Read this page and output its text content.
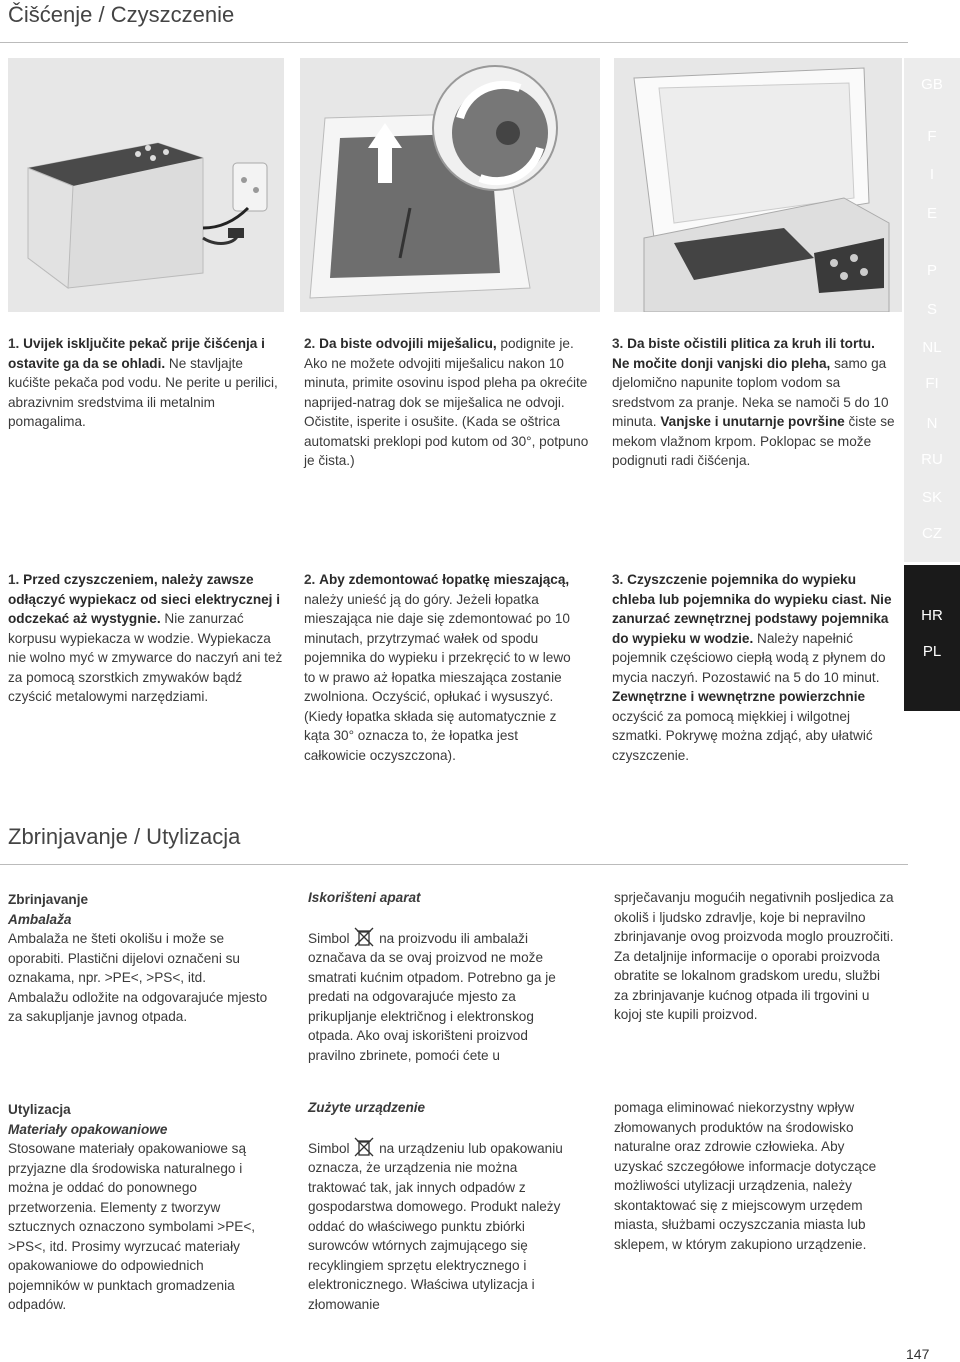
Čišćenje / Czyszczenie
GB
F
I
E
P
S
NL
FI
N
RU
SK
CZ
HR
PL
1. Uvijek isključite pekač prije čišćenja i ostavite ga da se ohladi. Ne stavljajte kućište pekača pod vodu. Ne perite u perilici, abrazivnim sredstvima ili metalnim pomagalima.
2. Da biste odvojili miješalicu, podignite je. Ako ne možete odvojiti miješalicu nakon 10 minuta, primite osovinu ispod pleha pa okrećite naprijed-natrag dok se miješalica ne odvoji. Očistite, isperite i osušite. (Kada se oštrica automatski preklopi pod kutom od 30°, potpuno je čista.)
3. Da biste očistili plitica za kruh ili tortu. Ne močite donji vanjski dio pleha, samo ga djelomično napunite toplom vodom sa sredstvom za pranje. Neka se namoči 5 do 10 minuta. Vanjske i unutarnje površine čiste se mekom vlažnom krpom. Poklopac se može podignuti radi čišćenja.
1. Przed czyszczeniem, należy zawsze odłączyć wypiekacz od sieci elektrycznej i odczekać aż wystygnie. Nie zanurzać korpusu wypiekacza w wodzie. Wypiekacza nie wolno myć w zmywarce do naczyń ani też za pomocą szorstkich zmywaków bądź czyścić metalowymi narzędziami.
2. Aby zdemontować łopatkę mieszającą, należy unieść ją do góry. Jeżeli łopatka mieszająca nie daje się zdemontować po 10 minutach, przytrzymać wałek od spodu pojemnika do wypieku i przekręcić to w lewo to w prawo aż łopatka mieszająca zostanie zwolniona. Oczyścić, opłukać i wysuszyć. (Kiedy łopatka składa się automatycznie z kąta 30° oznacza to, że łopatka jest całkowicie oczyszczona).
3. Czyszczenie pojemnika do wypieku chleba lub pojemnika do wypieku ciast. Nie zanurzać zewnętrznej podstawy pojemnika do wypieku w wodzie. Należy napełnić pojemnik częściowo ciepłą wodą z płynem do mycia naczyń. Pozostawić na 5 do 10 minut. Zewnętrzne i wewnętrzne powierzchnie oczyścić za pomocą miękkiej i wilgotnej szmatki. Pokrywę można zdjąć, aby ułatwić czyszczenie.
Zbrinjavanje / Utylizacja
Zbrinjavanje
Ambalaža
Ambalaža ne šteti okolišu i može se oporabiti. Plastični dijelovi označeni su oznakama, npr. >PE<, >PS<, itd. Ambalažu odložite na odgovarajuće mjesto za sakupljanje javnog otpada.
Iskorišteni aparat
Simbol  na proizvodu ili ambalaži označava da se ovaj proizvod ne može smatrati kućnim otpadom. Potrebno ga je predati na odgovarajuće mjesto za prikupljanje električnog i elektronskog otpada. Ako ovaj iskorišteni proizvod pravilno zbrinete, pomoći ćete u
sprječavanju mogućih negativnih posljedica za okoliš i ljudsko zdravlje, koje bi nepravilno zbrinjavanje ovog proizvoda moglo prouzročiti. Za detaljnije informacije o oporabi proizvoda obratite se lokalnom gradskom uredu, službi za zbrinjavanje kućnog otpada ili trgovini u kojoj ste kupili proizvod.
Utylizacja
Materiały opakowaniowe
Stosowane materiały opakowaniowe są przyjazne dla środowiska naturalnego i można je oddać do ponownego przetworzenia. Elementy z tworzyw sztucznych oznaczono symbolami >PE<, >PS<, itd. Prosimy wyrzucać materiały opakowaniowe do odpowiednich pojemników w punktach gromadzenia odpadów.
Zużyte urządzenie
Simbol  na urządzeniu lub opakowaniu oznacza, że urządzenia nie można traktować tak, jak innych odpadów z gospodarstwa domowego. Produkt należy oddać do właściwego punktu zbiórki surowców wtórnych zajmującego się recyklingiem sprzętu elektrycznego i elektronicznego. Właściwa utylizacja i złomowanie
pomaga eliminować niekorzystny wpływ złomowanych produktów na środowisko naturalne oraz zdrowie człowieka. Aby uzyskać szczegółowe informacje dotyczące możliwości utylizacji urządzenia, należy skontaktować się z miejscowym urzędem miasta, służbami oczyszczania miasta lub sklepem, w którym zakupiono urządzenie.
147
